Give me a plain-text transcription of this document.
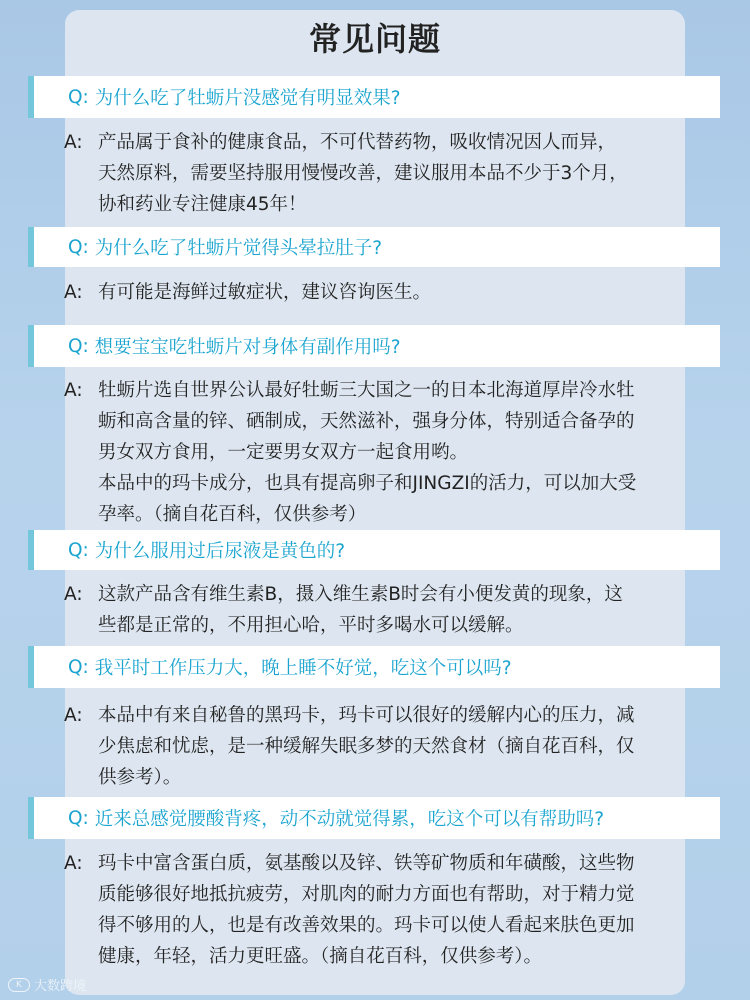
常见问题
Q: 为什么吃了牡蛎片没感觉有明显效果?
A: 产品属于食补的健康食品，不可代替药物，吸收情况因人而异，
天然原料，需要坚持服用慢慢改善，建议服用本品不少于3个月，
协和药业专注健康45年！
Q: 为什么吃了牡蛎片觉得头晕拉肚子?
A: 有可能是海鲜过敏症状，建议咨询医生。
Q: 想要宝宝吃牡蛎片对身体有副作用吗?
A: 牡蛎片选自世界公认最好牡蛎三大国之一的日本北海道厚岸冷水牡
蛎和高含量的锌、硒制成，天然滋补，强身分体，特别适合备孕的
男女双方食用，一定要男女双方一起食用哟。
本品中的玛卡成分，也具有提高卵子和JINGZI的活力，可以加大受
孕率。（摘自花百科，仅供参考）
Q: 为什么服用过后尿液是黄色的?
A: 这款产品含有维生素B，摄入维生素B时会有小便发黄的现象，这
些都是正常的，不用担心哈，平时多喝水可以缓解。
Q: 我平时工作压力大，晚上睡不好觉，吃这个可以吗?
A: 本品中有来自秘鲁的黑玛卡，玛卡可以很好的缓解内心的压力，减
少焦虑和忧虑，是一种缓解失眠多梦的天然食材（摘自花百科，仅
供参考）。
Q: 近来总感觉腰酸背疼，动不动就觉得累，吃这个可以有帮助吗?
A: 玛卡中富含蛋白质，氨基酸以及锌、铁等矿物质和年磺酸，这些物
质能够很好地抵抗疲劳，对肌肉的耐力方面也有帮助，对于精力觉
得不够用的人，也是有改善效果的。玛卡可以使人看起来肤色更加
健康，年轻，活力更旺盛。（摘自花百科，仅供参考）。
K 大数跨境
